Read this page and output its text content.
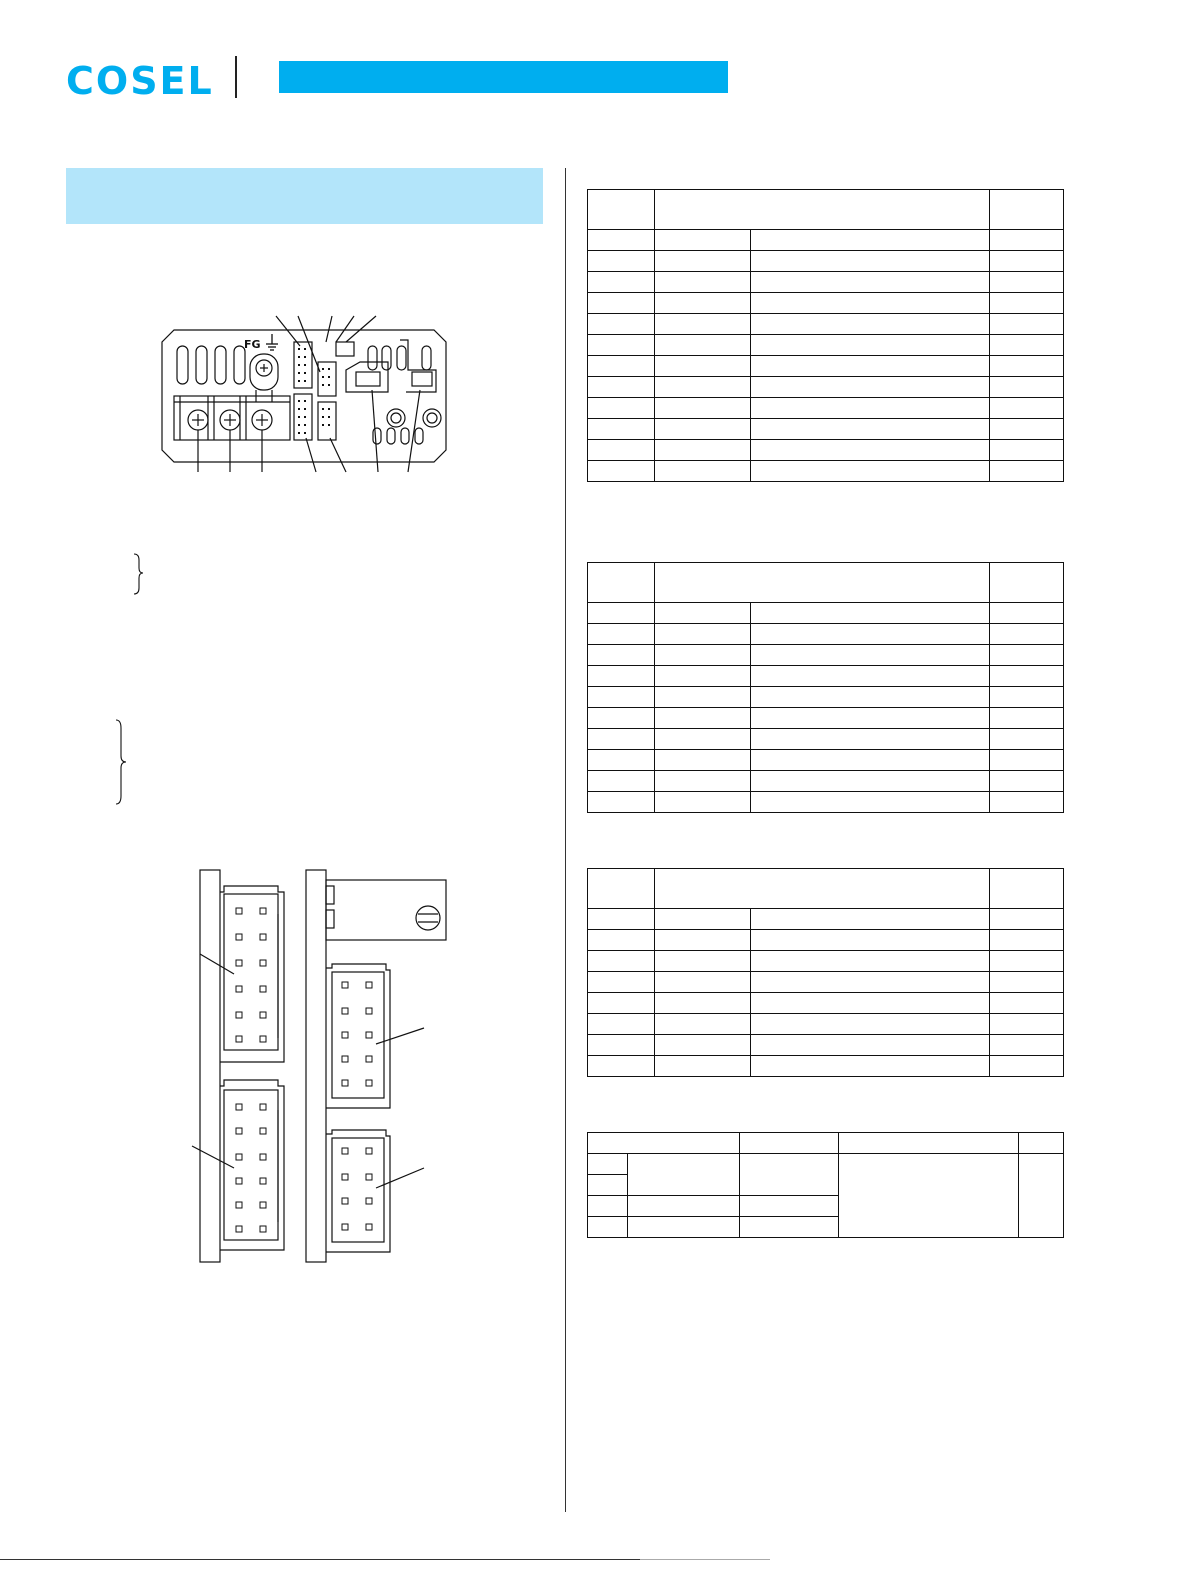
COSEL
FG
